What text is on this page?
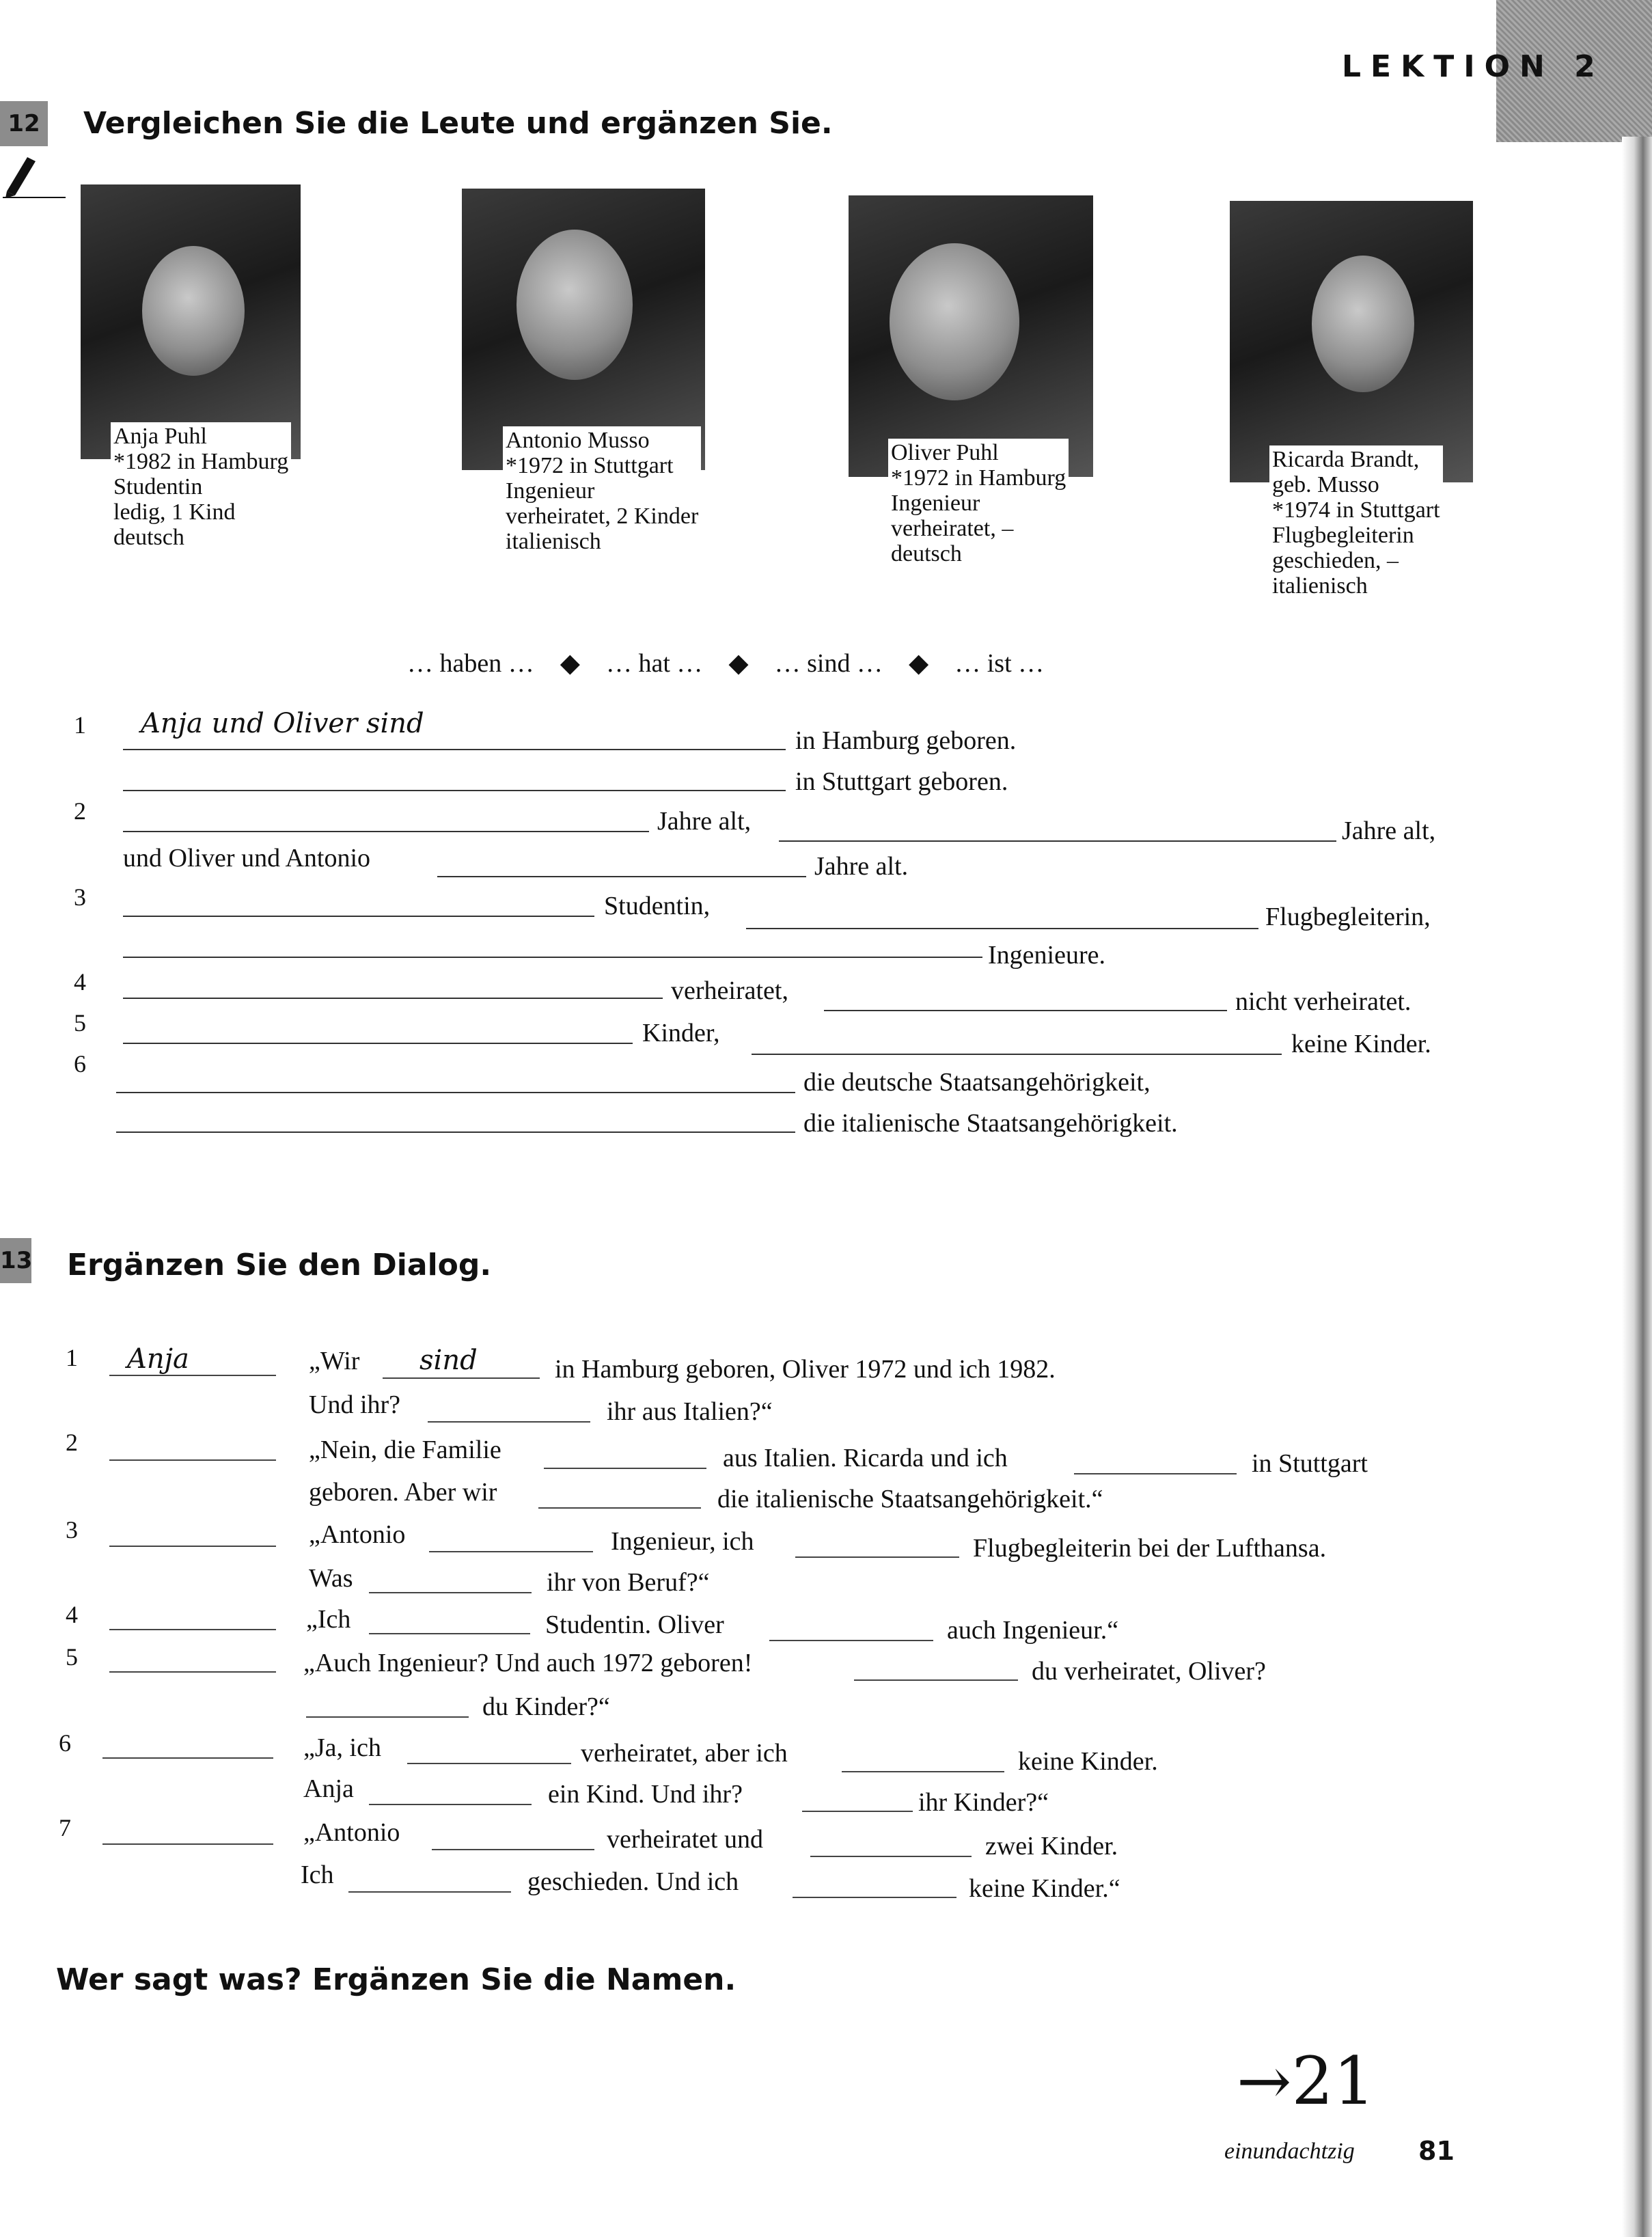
LEKTION 2
12 Vergleichen Sie die Leute und ergänzen Sie.
Anja Puhl
*1982 in Hamburg
Studentin
ledig, 1 Kind
deutsch
Antonio Musso
*1972 in Stuttgart
Ingenieur
verheiratet, 2 Kinder
italienisch
Oliver Puhl
*1972 in Hamburg
Ingenieur
verheiratet, –
deutsch
Ricarda Brandt,
geb. Musso
*1974 in Stuttgart
Flugbegleiterin
geschieden, –
italienisch
… haben … ◆ … hat … ◆ … sind … ◆ … ist …
1 Anja und Oliver sind
in Hamburg geboren.
in Stuttgart geboren.
2	Jahre alt,	Jahre alt,
und Oliver und Antonio	Jahre alt.
3	Studentin,	Flugbegleiterin,
Ingenieure.
4	verheiratet,	nicht verheiratet.
5	Kinder,	keine Kinder.
6
die deutsche Staatsangehörigkeit,
die italienische Staatsangehörigkeit.
13 Ergänzen Sie den Dialog.
1 Anja	„Wir sind	in Hamburg geboren, Oliver 1972 und ich 1982.
Und ihr?	ihr aus Italien?“
2	„Nein, die Familie	aus Italien. Ricarda und ich	in Stuttgart
geboren. Aber wir	die italienische Staatsangehörigkeit.“
3	„Antonio	Ingenieur, ich	Flugbegleiterin bei der Lufthansa.
Was	ihr von Beruf?“
4	„Ich	Studentin. Oliver	auch Ingenieur.“
5	„Auch Ingenieur? Und auch 1972 geboren!	du verheiratet, Oliver?
du Kinder?“
6	„Ja, ich	verheiratet, aber ich	keine Kinder.
Anja	ein Kind. Und ihr?	ihr Kinder?“
7	„Antonio	verheiratet und	zwei Kinder.
Ich	geschieden. Und ich	keine Kinder.“
Wer sagt was? Ergänzen Sie die Namen.
→21
einundachtzig 81
